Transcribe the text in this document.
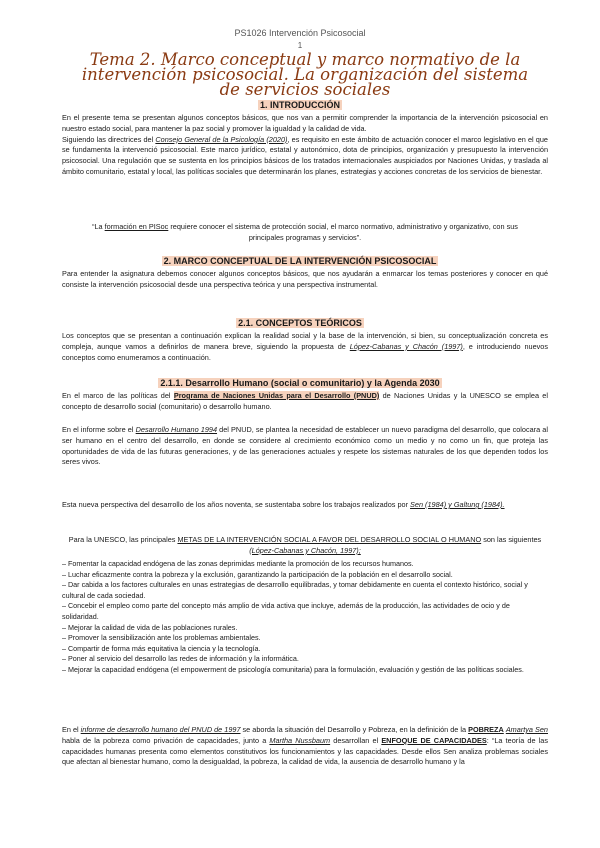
PS1026 Intervención Psicosocial
1
Tema 2. Marco conceptual y marco normativo de la intervención psicosocial. La organización del sistema de servicios sociales
1. INTRODUCCIÓN

En el presente tema se presentan algunos conceptos básicos, que nos van a permitir comprender la importancia de la intervención psicosocial en nuestro estado social, para mantener la paz social y promover la igualdad y la calidad de vida.

Siguiendo las directrices del Consejo General de la Psicología (2020), es requisito en este ámbito de actuación conocer el marco legislativo en el que se fundamenta la intervenció psicosocial. Este marco jurídico, estatal y autonómico, dota de principios, organización y presupuesto la intervención psicosocial. Una regulación que se sustenta en los principios básicos de los tratados internacionales auspiciados por Naciones Unidas, y traslada al ámbito comunitario, estatal y local, las políticas sociales que determinarán los planes, estrategias y acciones concretas de los servicios de bienestar.

“La formación en PISoc requiere conocer el sistema de protección social, el marco normativo, administrativo y organizativo, con sus principales programas y servicios”.
2. MARCO CONCEPTUAL DE LA INTERVENCIÓN PSICOSOCIAL
Para entender la asignatura debemos conocer algunos conceptos básicos, que nos ayudarán a enmarcar los temas posteriores y conocer en qué consiste la intervención psicosocial desde una perspectiva teórica y una perspectiva instrumental.
2.1. CONCEPTOS TEÓRICOS
Los conceptos que se presentan a continuación explican la realidad social y la base de la intervención, si bien, su conceptualización concreta es compleja, aunque vamos a definirlos de manera breve, siguiendo la propuesta de López-Cabanas y Chacón (1997), e introduciendo nuevos conceptos como enumeramos a continuación.
2.1.1. Desarrollo Humano (social o comunitario) y la Agenda 2030
En el marco de las políticas del Programa de Naciones Unidas para el Desarrollo (PNUD) de Naciones Unidas y la UNESCO se emplea el concepto de desarrollo social (comunitario) o desarrollo humano.
En el informe sobre el Desarrollo Humano 1994 del PNUD, se plantea la necesidad de establecer un nuevo paradigma del desarrollo, que colocara al ser humano en el centro del desarrollo, en donde se considere al crecimiento económico como un medio y no como un fin, que proteja las oportunidades de vida de las futuras generaciones, y de las generaciones actuales y respete los sistemas naturales de los que dependen todos los seres vivos.
Esta nueva perspectiva del desarrollo de los años noventa, se sustentaba sobre los trabajos realizados por Sen (1984) y Galtung (1984).
Para la UNESCO, las principales METAS DE LA INTERVENCIÓN SOCIAL A FAVOR DEL DESARROLLO SOCIAL O HUMANO son las siguientes (López-Cabanas y Chacón, 1997);
– Fomentar la capacidad endógena de las zonas deprimidas mediante la promoción de los recursos humanos.
– Luchar eficazmente contra la pobreza y la exclusión, garantizando la participación de la población en el desarrollo social.
– Dar cabida a los factores culturales en unas estrategias de desarrollo equilibradas, y tomar debidamente en cuenta el contexto histórico, social y cultural de cada sociedad.
– Concebir el empleo como parte del concepto más amplio de vida activa que incluye, además de la producción, las actividades de ocio y de solidaridad.
– Mejorar la calidad de vida de las poblaciones rurales.
– Promover la sensibilización ante los problemas ambientales.
– Compartir de forma más equitativa la ciencia y la tecnología.
– Poner al servicio del desarrollo las redes de información y la informática.
– Mejorar la capacidad endógena (el empowerment de psicología comunitaria) para la formulación, evaluación y gestión de las políticas sociales.
En el informe de desarrollo humano del PNUD de 1997 se aborda la situación del Desarrollo y Pobreza, en la definición de la POBREZA Amartya Sen habla de la pobreza como privación de capacidades, junto a Martha Nussbaum desarrollan el ENFOQUE DE CAPACIDADES: “La teoría de las capacidades humanas presenta como elementos constitutivos los funcionamientos y las capacidades. Desde ellos Sen analiza problemas sociales que afectan al bienestar humano, como la desigualdad, la pobreza, la calidad de vida, la ausencia de desarrollo humano y la
